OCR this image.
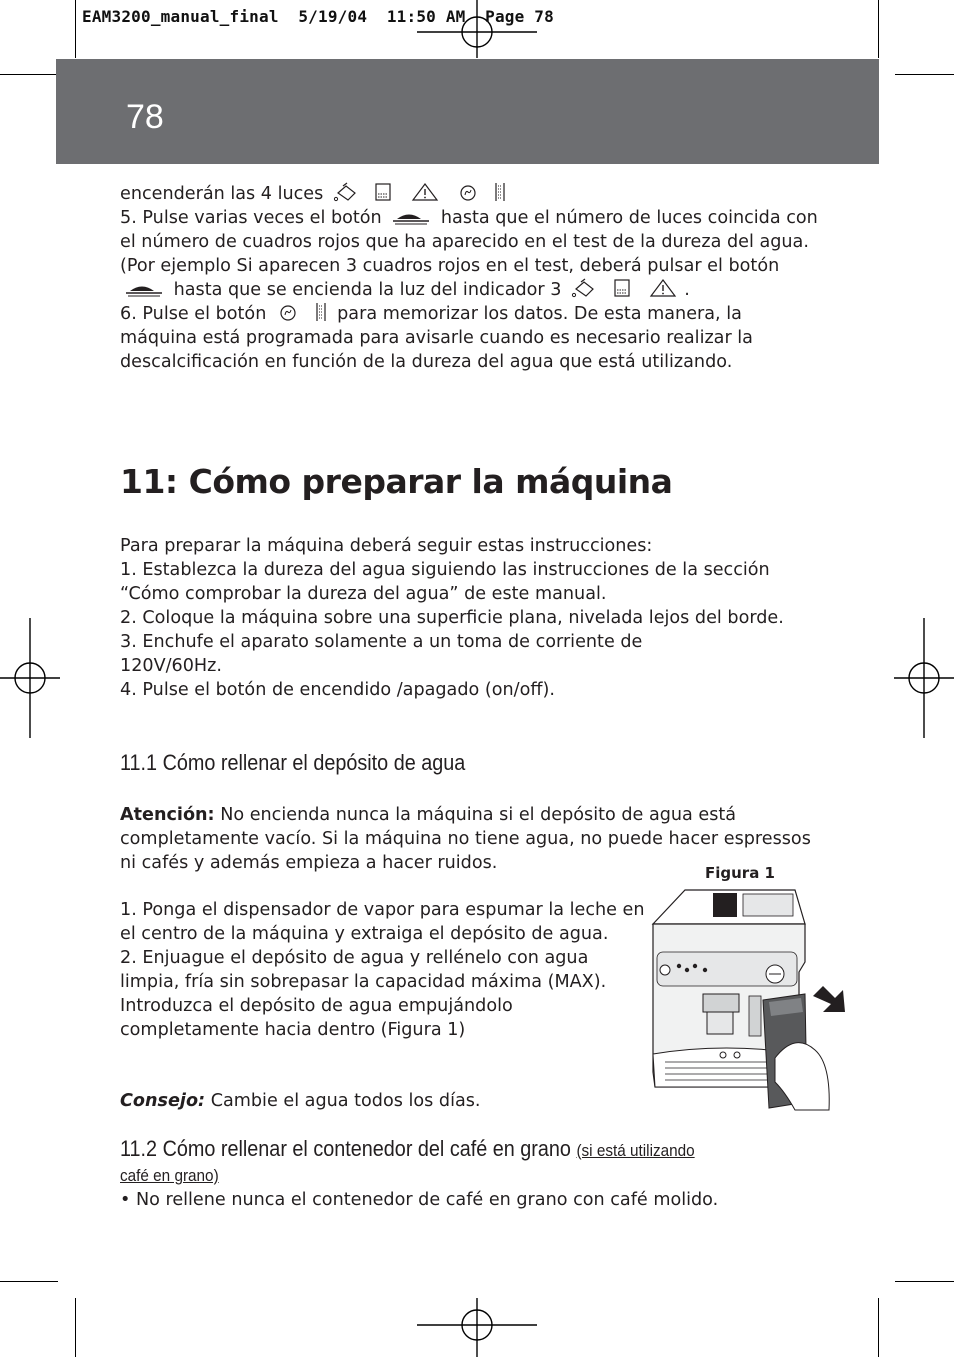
EAM3200_manual_final  5/19/04  11:50 AM  Page 78
78

encenderán las 4 luces

5. Pulse varias veces el botón	hasta que el número de luces coincida con el número de cuadros rojos que ha aparecido en el test de la dureza del agua. (Por ejemplo Si aparecen 3 cuadros rojos en el test, deberá pulsar el botón  hasta que se encienda la luz del indicador 3	.

6. Pulse el botón	para memorizar los datos. De esta manera, la máquina está programada para avisarle cuando es necesario realizar la descalcificación en función de la dureza del agua que está utilizando.

11: Cómo preparar la máquina

Para preparar la máquina deberá seguir estas instrucciones:

1. Establezca la dureza del agua siguiendo las instrucciones de la sección “Cómo comprobar la dureza del agua” de este manual.

2. Coloque la máquina sobre una superficie plana, nivelada lejos del borde.

3. Enchufe el aparato solamente a un toma de corriente de 120V/60Hz.

4. Pulse el botón de encendido /apagado (on/off).

11.1 Cómo rellenar el depósito de agua

Atención: No encienda nunca la máquina si el depósito de agua está completamente vacío. Si la máquina no tiene agua, no puede hacer espressos ni cafés y además empieza a hacer ruidos.

1. Ponga el dispensador de vapor para espumar la leche en el centro de la máquina y extraiga el depósito de agua.

2. Enjuague el depósito de agua y rellénelo con agua limpia, fría sin sobrepasar la capacidad máxima (MAX). Introduzca el depósito de agua empujándolo completamente hacia dentro (Figura 1)

Consejo: Cambie el agua todos los días.

Figura 1
11.2 Cómo rellenar el contenedor del café en grano (si está utilizando

café en grano)

• No rellene nunca el contenedor de café en grano con café molido.
